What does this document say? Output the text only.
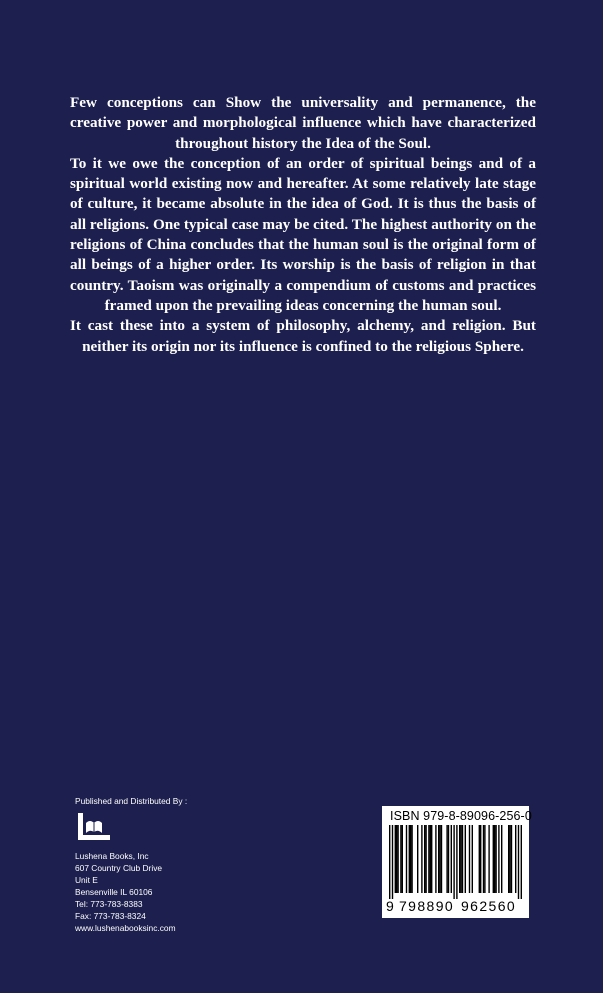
Few conceptions can Show the universality and permanence, the creative power and morphological influence which have characterized throughout history the Idea of the Soul.

To it we owe the conception of an order of spiritual beings and of a spiritual world existing now and hereafter. At some relatively late stage of culture, it became absolute in the idea of God. It is thus the basis of all religions. One typical case may be cited. The highest authority on the religions of China concludes that the human soul is the original form of all beings of a higher order. Its worship is the basis of religion in that country. Taoism was originally a compendium of customs and practices framed upon the prevailing ideas concerning the human soul.

It cast these into a system of philosophy, alchemy, and religion. But neither its origin nor its influence is confined to the religious Sphere.

Published and Distributed By :
Lushena Books, Inc
607 Country Club Drive
Unit E
Bensenville IL 60106
Tel: 773-783-8383
Fax: 773-783-8324
www.lushenabooksinc.com
ISBN 979-8-89096-256-0
9 798890 962560
